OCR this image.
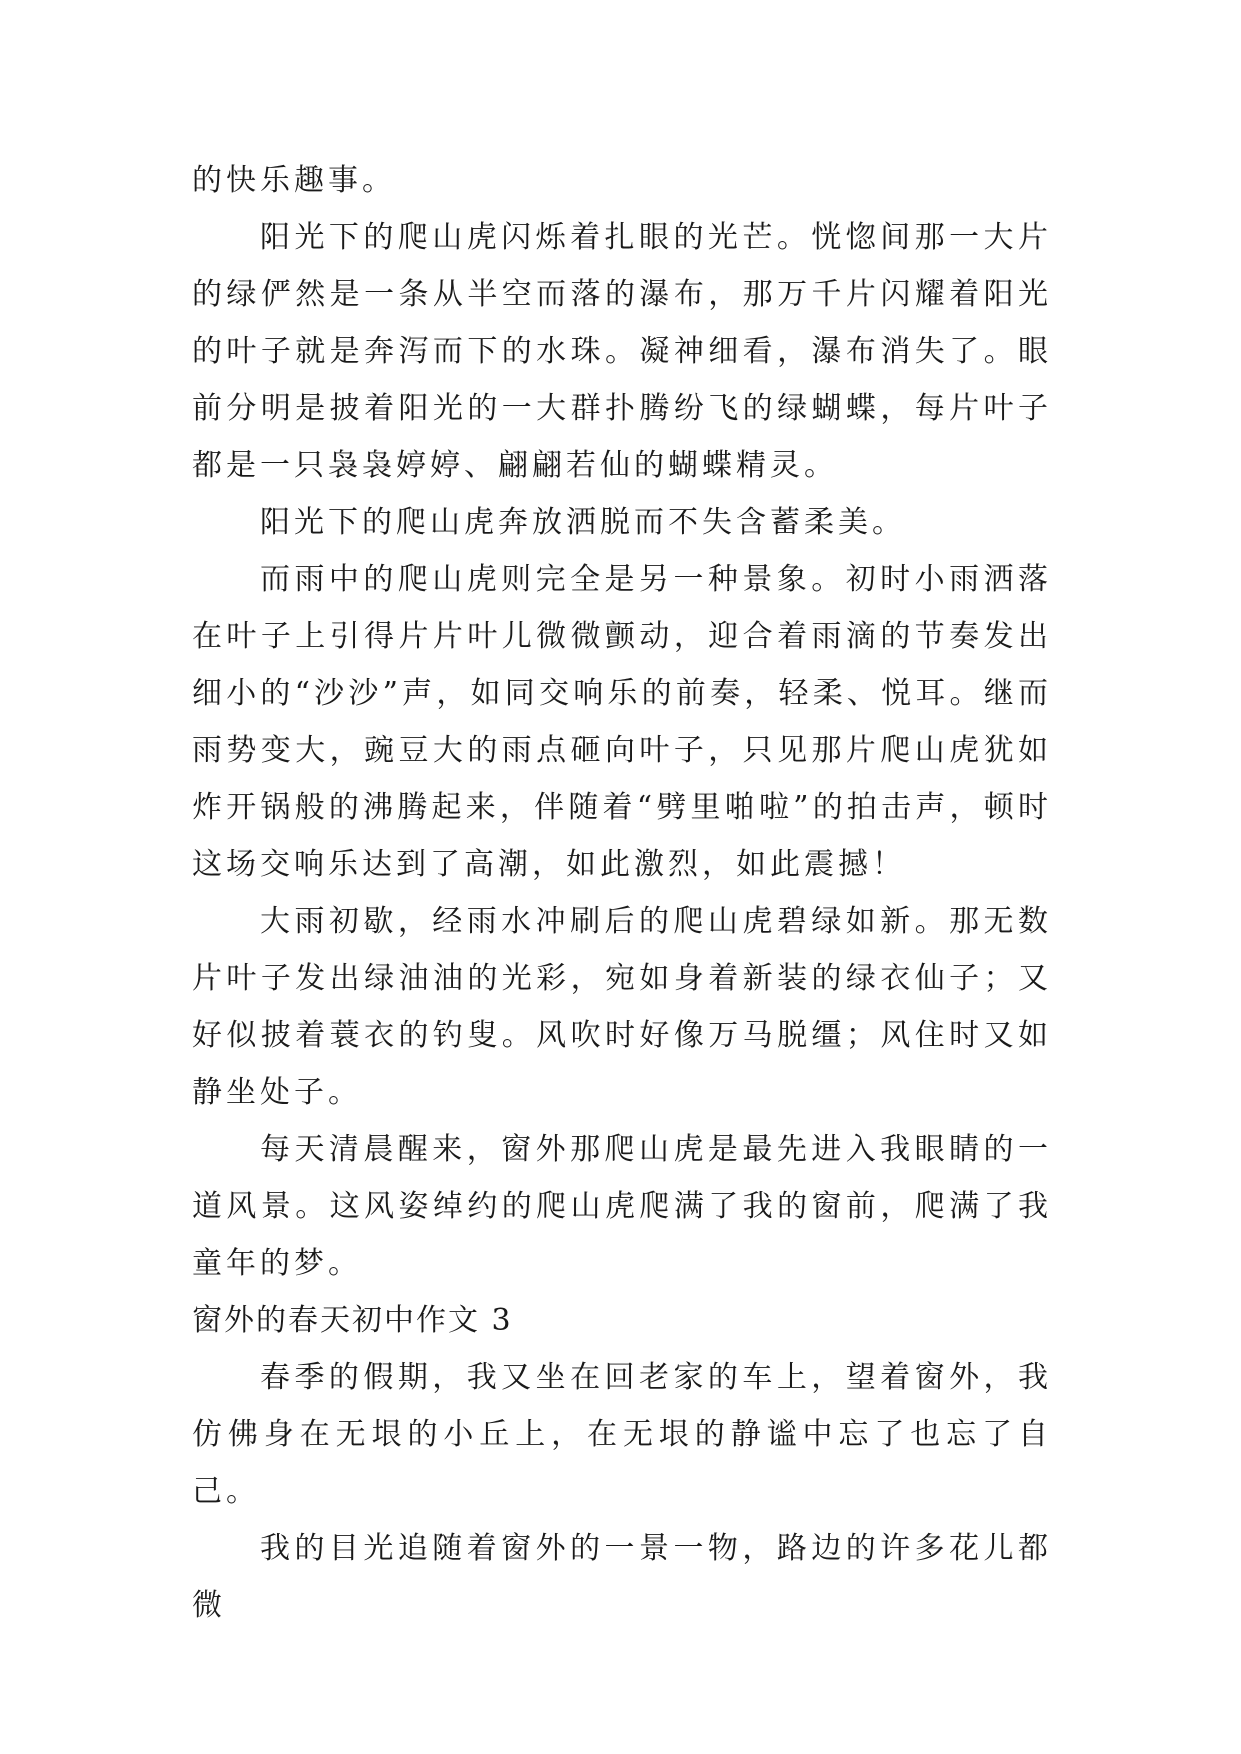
的快乐趣事。

阳光下的爬山虎闪烁着扎眼的光芒。恍惚间那一大片的绿俨然是一条从半空而落的瀑布，那万千片闪耀着阳光的叶子就是奔泻而下的水珠。凝神细看，瀑布消失了。眼前分明是披着阳光的一大群扑腾纷飞的绿蝴蝶，每片叶子都是一只袅袅婷婷、翩翩若仙的蝴蝶精灵。

阳光下的爬山虎奔放洒脱而不失含蓄柔美。

而雨中的爬山虎则完全是另一种景象。初时小雨洒落在叶子上引得片片叶儿微微颤动，迎合着雨滴的节奏发出细小的“沙沙”声，如同交响乐的前奏，轻柔、悦耳。继而雨势变大，豌豆大的雨点砸向叶子，只见那片爬山虎犹如炸开锅般的沸腾起来，伴随着“劈里啪啦”的拍击声，顿时这场交响乐达到了高潮，如此激烈，如此震撼！

大雨初歇，经雨水冲刷后的爬山虎碧绿如新。那无数片叶子发出绿油油的光彩，宛如身着新装的绿衣仙子；又好似披着蓑衣的钓叟。风吹时好像万马脱缰；风住时又如静坐处子。

每天清晨醒来，窗外那爬山虎是最先进入我眼睛的一道风景。这风姿绰约的爬山虎爬满了我的窗前，爬满了我童年的梦。

窗外的春天初中作文 3

春季的假期，我又坐在回老家的车上，望着窗外，我仿佛身在无垠的小丘上，在无垠的静谧中忘了也忘了自己。

我的目光追随着窗外的一景一物，路边的许多花儿都微
